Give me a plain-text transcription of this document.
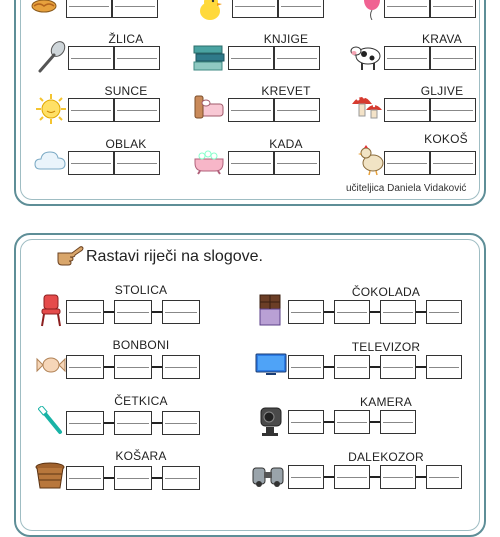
ŽLICA	KNJIGE	KRAVA
SUNCE	KREVET	GLJIVE
OBLAK	KADA	KOKOŠ
učiteljica Daniela Vidaković
Rastavi riječi na slogove.
STOLICA	ČOKOLADA
BONBONI	TELEVIZOR
ČETKICA	KAMERA
KOŠARA	DALEKOZOR
